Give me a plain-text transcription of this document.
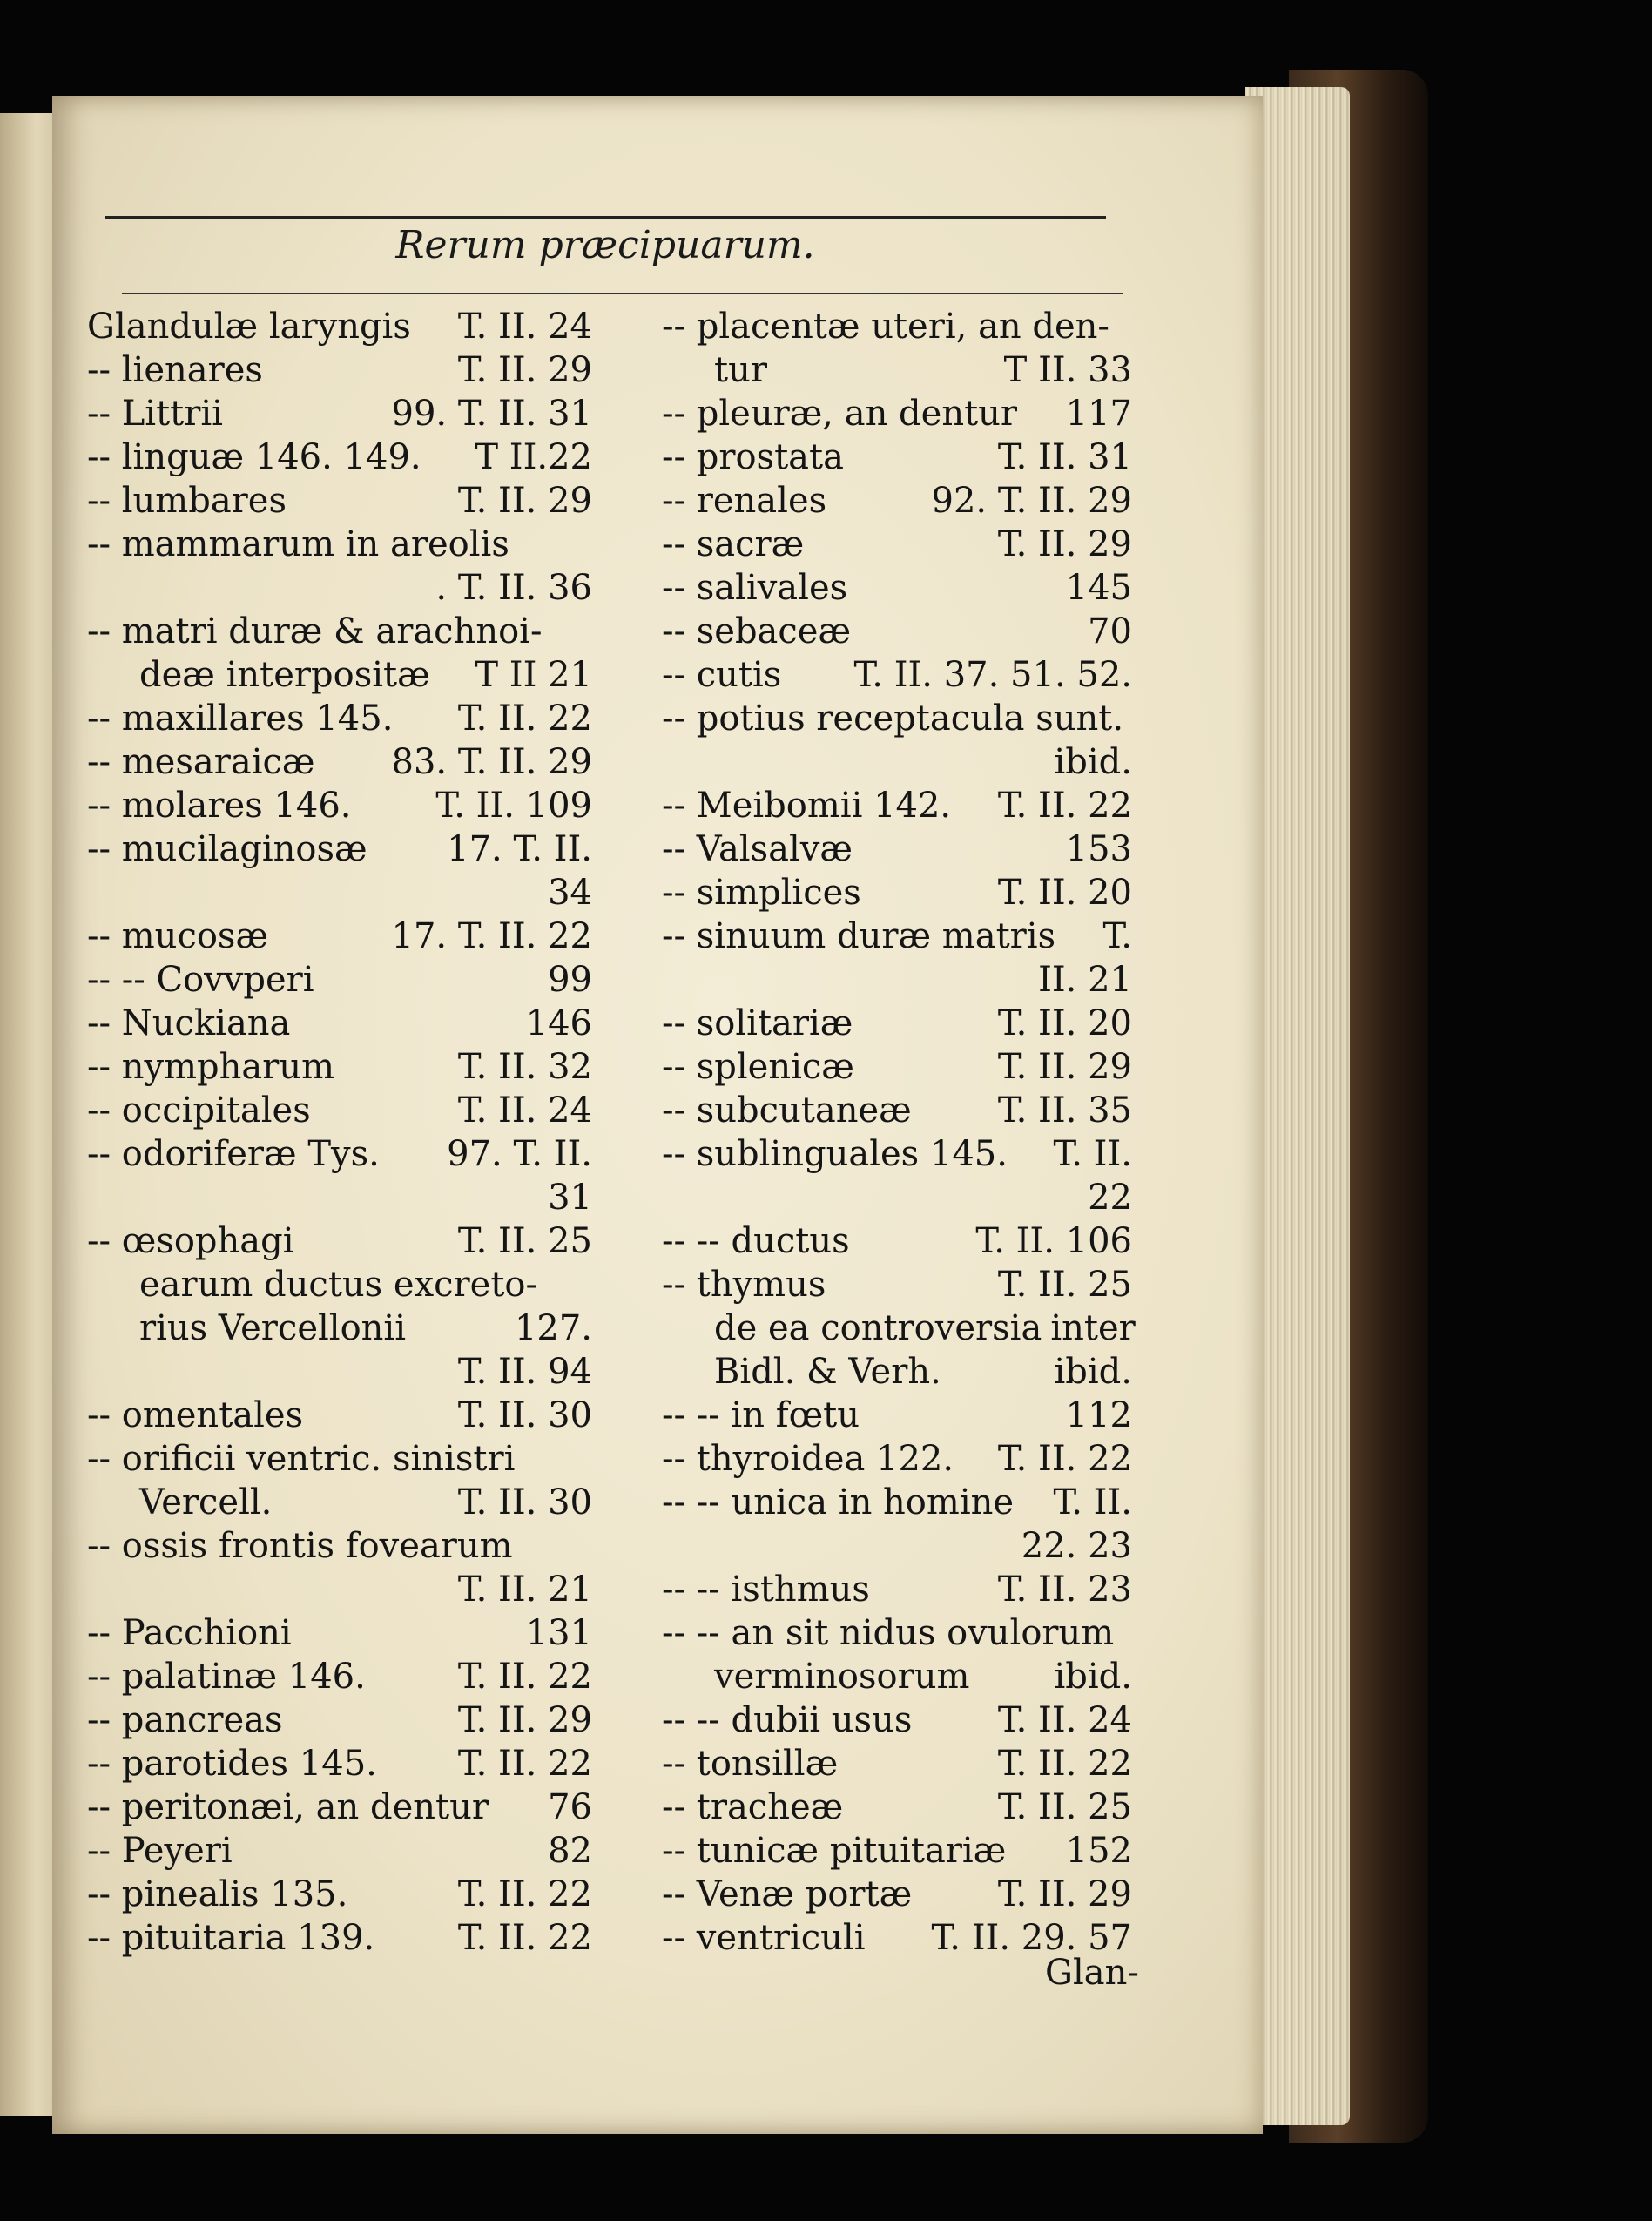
Rerum præcipuarum.
Glandulæ laryngis T. II. 24
-- lienares	T. II. 29
-- Littrii	99. T. II. 31
-- linguæ 146. 149. T II.22
-- lumbares	T. II. 29
-- mammarum in areolis
. T. II. 36
-- matri duræ & arachnoi-
deæ interpositæ T II 21
-- maxillares 145. T. II. 22
-- mesaraicæ 83. T. II. 29
-- molares 146. T. II. 109
-- mucilaginosæ 17. T. II.
34
-- mucosæ	17. T. II. 22
-- -- Covvperi	99
-- Nuckiana	146
-- nympharum	T. II. 32
-- occipitales	T. II. 24
-- odoriferæ Tys. 97. T. II.
31
-- œsophagi	T. II. 25
earum ductus excreto-
rius Vercellonii	127.
T. II. 94
-- omentales	T. II. 30
-- orificii ventric. sinistri
Vercell.	T. II. 30
-- ossis frontis fovearum
T. II. 21
-- Pacchioni	131
-- palatinæ 146.	T. II. 22
-- pancreas	T. II. 29
-- parotides 145. T. II. 22
-- peritonæi, an dentur 76
-- Peyeri	82
-- pinealis 135.	T. II. 22
-- pituitaria 139. T. II. 22
-- placentæ uteri, an den-
tur	T II. 33
-- pleuræ, an dentur 117
-- prostata	T. II. 31
-- renales	92. T. II. 29
-- sacræ	T. II. 29
-- salivales	145
-- sebaceæ	70
-- cutis T. II. 37. 51. 52.
-- potius receptacula sunt.
ibid.
-- Meibomii 142. T. II. 22
-- Valsalvæ	153
-- simplices	T. II. 20
-- sinuum duræ matris T.
II. 21
-- solitariæ	T. II. 20
-- splenicæ	T. II. 29
-- subcutaneæ T. II. 35
-- sublinguales 145. T. II.
22
-- -- ductus	T. II. 106
-- thymus	T. II. 25
de ea controversia inter
Bidl. & Verh.	ibid.
-- -- in fœtu	112
-- thyroidea 122. T. II. 22
-- -- unica in homine T. II.
22. 23
-- -- isthmus	T. II. 23
-- -- an sit nidus ovulorum
verminosorum ibid.
-- -- dubii usus T. II. 24
-- tonsillæ	T. II. 22
-- tracheæ	T. II. 25
-- tunicæ pituitariæ 152
-- Venæ portæ T. II. 29
-- ventriculi T. II. 29. 57
Glan-
